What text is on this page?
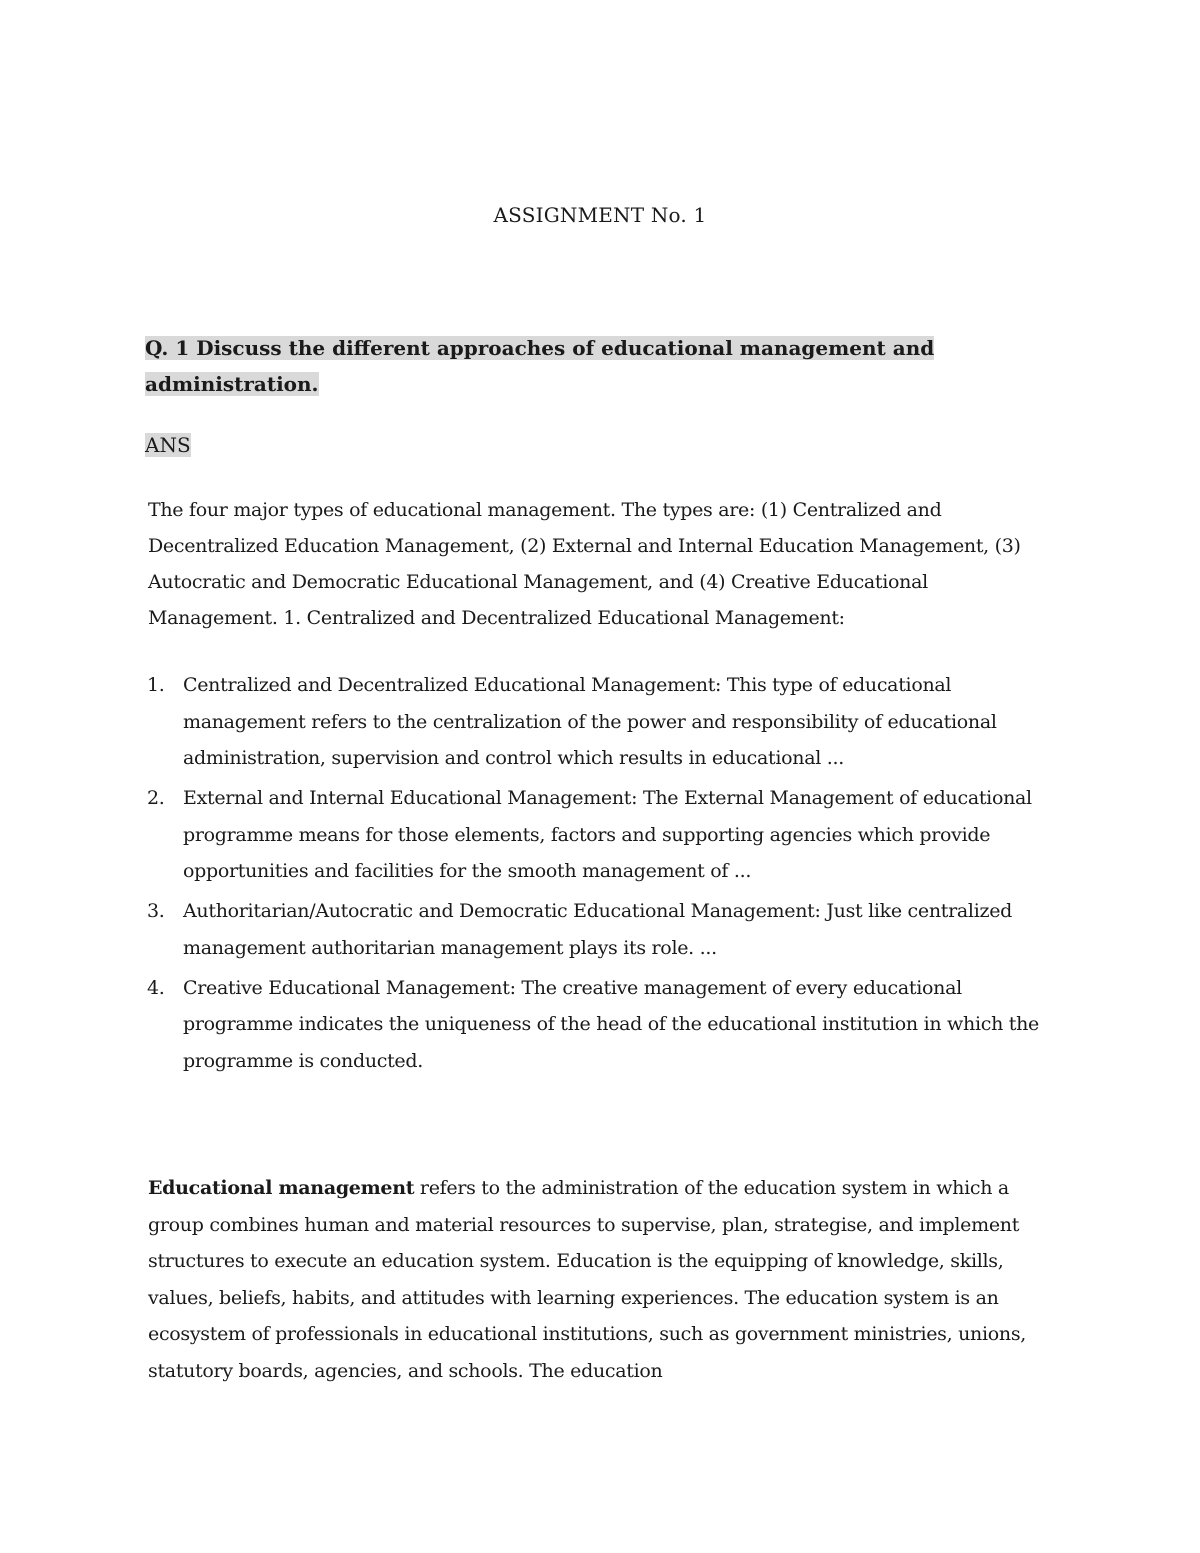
ASSIGNMENT No. 1
Q. 1 Discuss the different approaches of educational management and
administration.
ANS

The four major types of educational management. The types are: (1) Centralized and Decentralized Education Management, (2) External and Internal Education Management, (3) Autocratic and Democratic Educational Management, and (4) Creative Educational Management. 1. Centralized and Decentralized Educational Management:

1. Centralized and Decentralized Educational Management: This type of educational management refers to the centralization of the power and responsibility of educational administration, supervision and control which results in educational ...
2. External and Internal Educational Management: The External Management of educational programme means for those elements, factors and supporting agencies which provide opportunities and facilities for the smooth management of ...
3. Authoritarian/Autocratic and Democratic Educational Management: Just like centralized management authoritarian management plays its role. ...
4. Creative Educational Management: The creative management of every educational programme indicates the uniqueness of the head of the educational institution in which the programme is conducted.

Educational management refers to the administration of the education system in which a group combines human and material resources to supervise, plan, strategise, and implement structures to execute an education system. Education is the equipping of knowledge, skills, values, beliefs, habits, and attitudes with learning experiences. The education system is an ecosystem of professionals in educational institutions, such as government ministries, unions, statutory boards, agencies, and schools. The education
